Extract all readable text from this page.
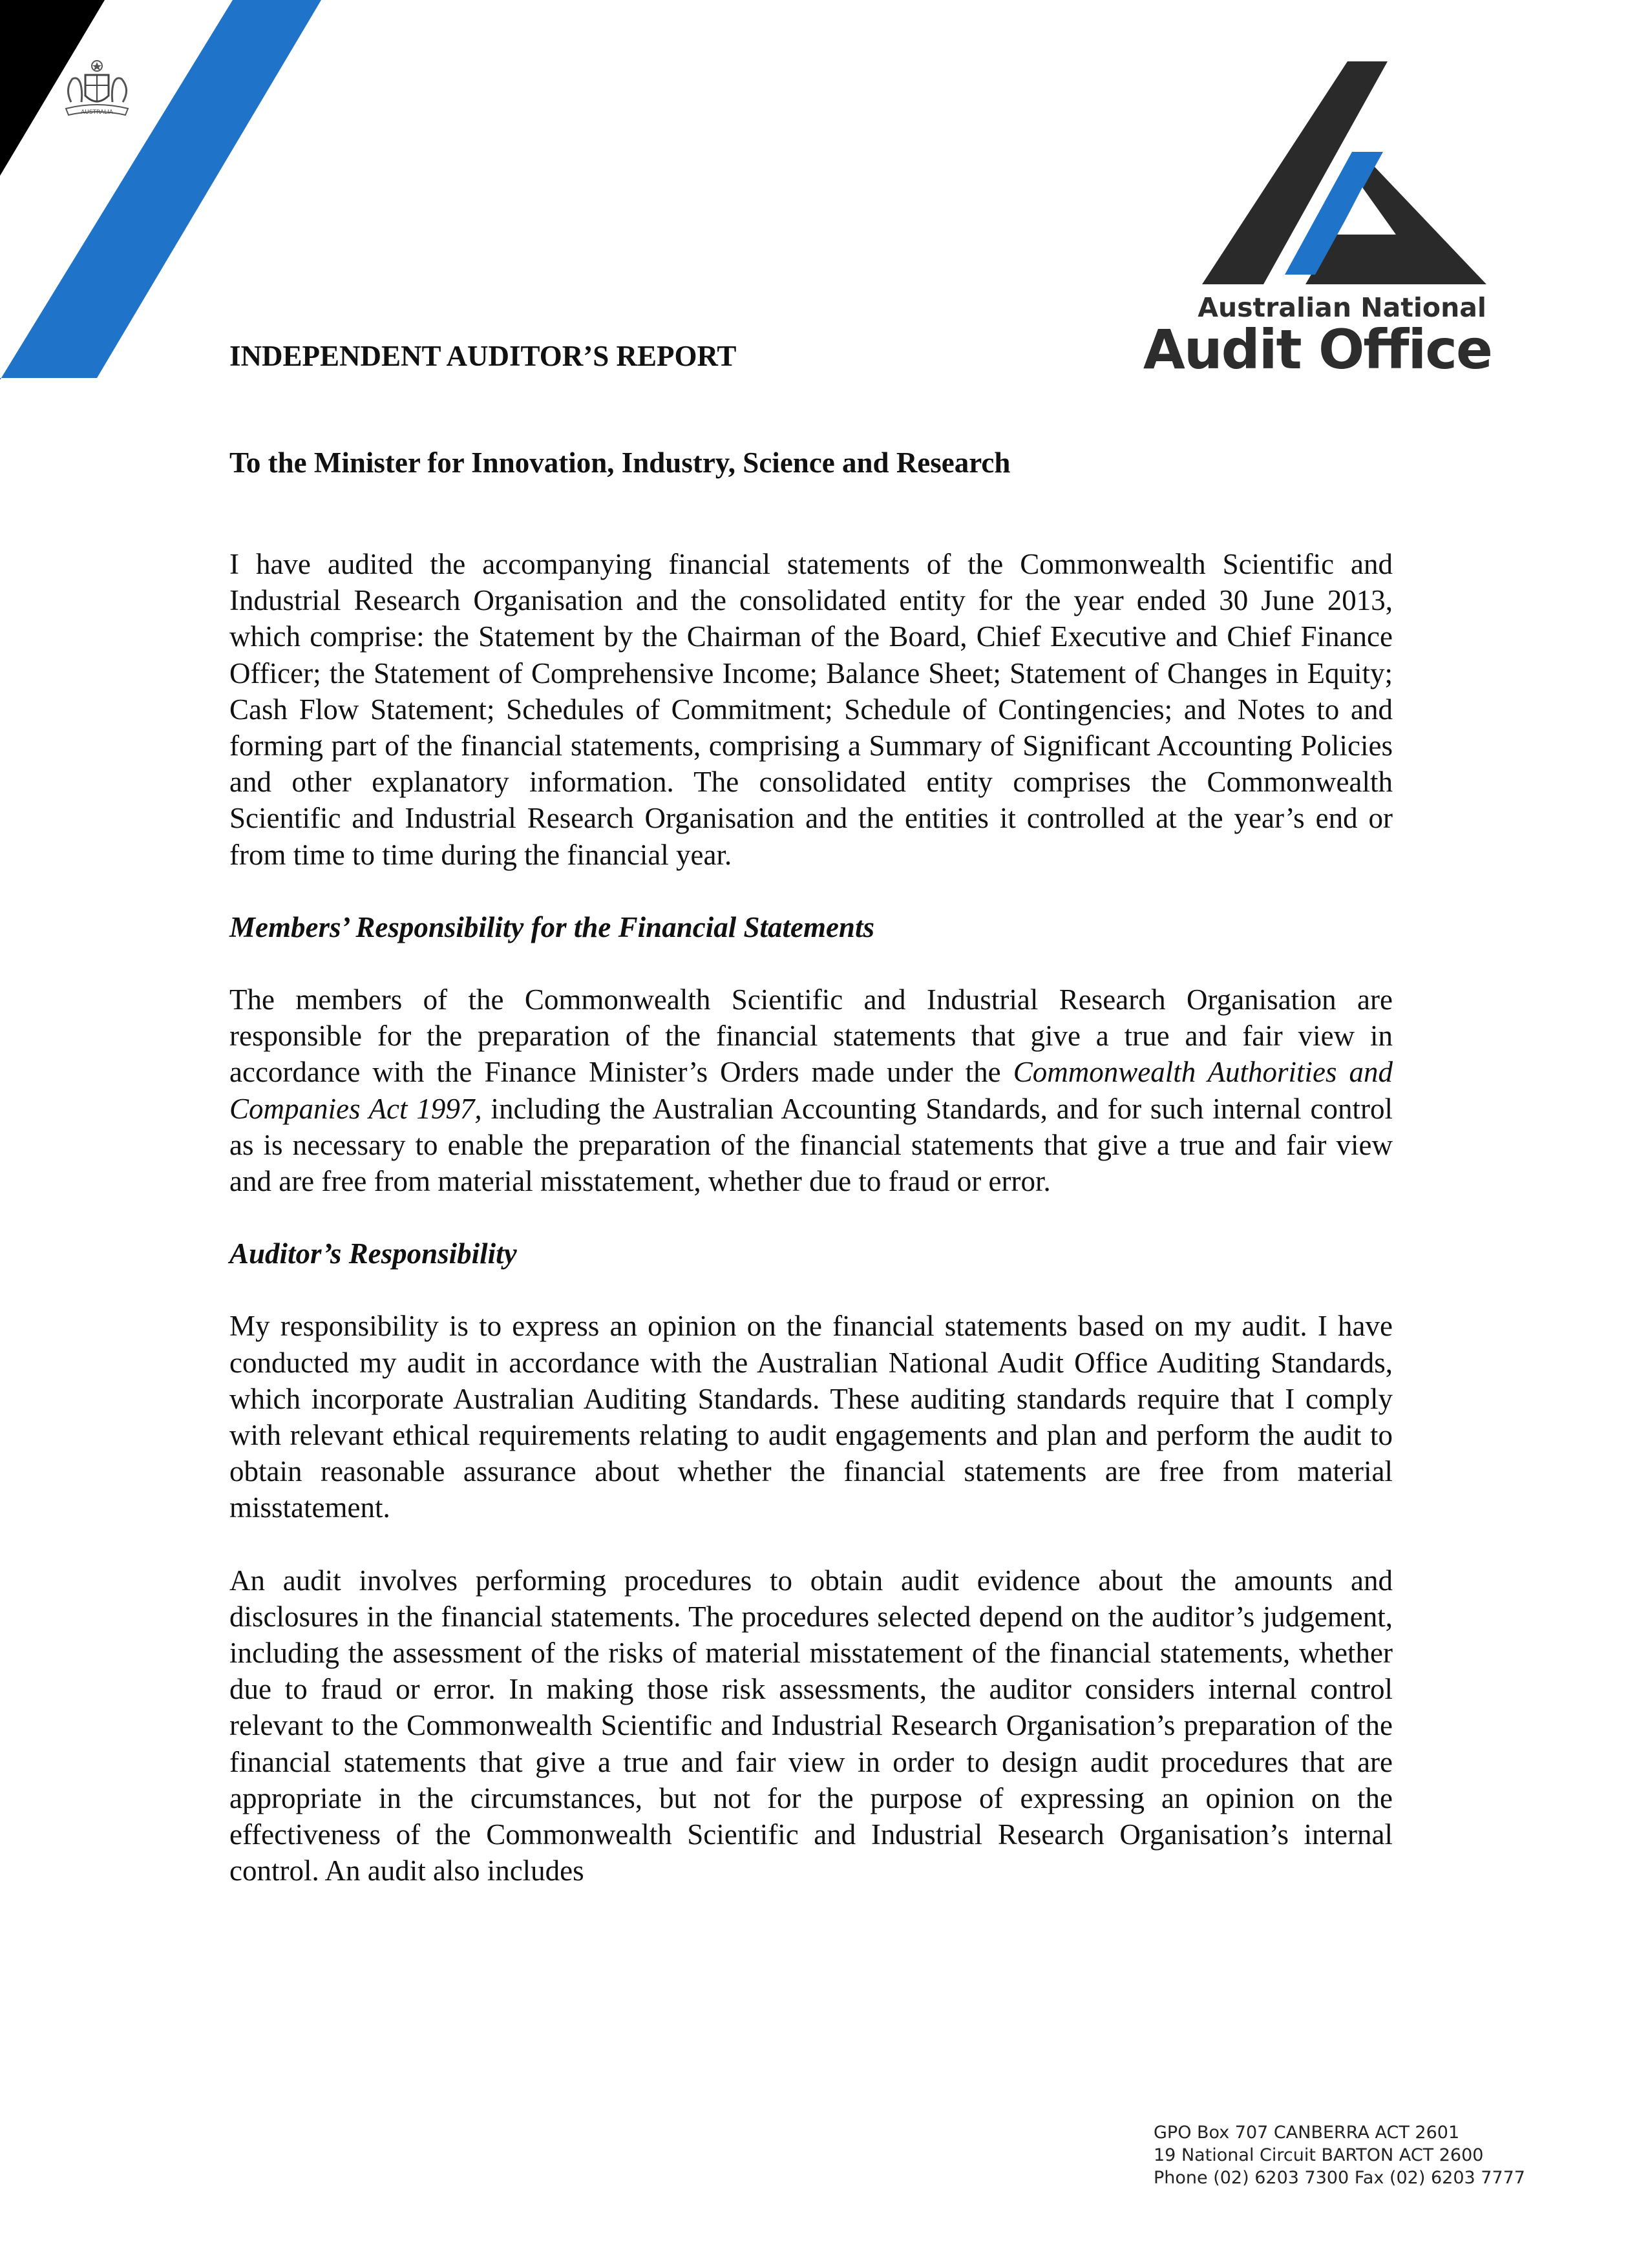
AUSTRALIA
Australian National
Audit Office
INDEPENDENT AUDITOR’S REPORT
To the Minister for Innovation, Industry, Science and Research

I have audited the accompanying financial statements of the Commonwealth Scientific and Industrial Research Organisation and the consolidated entity for the year ended 30 June 2013, which comprise: the Statement by the Chairman of the Board, Chief Executive and Chief Finance Officer; the Statement of Comprehensive Income; Balance Sheet; Statement of Changes in Equity; Cash Flow Statement; Schedules of Commitment; Schedule of Contingencies; and Notes to and forming part of the financial statements, comprising a Summary of Significant Accounting Policies and other explanatory information. The consolidated entity comprises the Commonwealth Scientific and Industrial Research Organisation and the entities it controlled at the year’s end or from time to time during the financial year.

Members’ Responsibility for the Financial Statements

The members of the Commonwealth Scientific and Industrial Research Organisation are responsible for the preparation of the financial statements that give a true and fair view in accordance with the Finance Minister’s Orders made under the Commonwealth Authorities and Companies Act 1997, including the Australian Accounting Standards, and for such internal control as is necessary to enable the preparation of the financial statements that give a true and fair view and are free from material misstatement, whether due to fraud or error.

Auditor’s Responsibility

My responsibility is to express an opinion on the financial statements based on my audit. I have conducted my audit in accordance with the Australian National Audit Office Auditing Standards, which incorporate Australian Auditing Standards. These auditing standards require that I comply with relevant ethical requirements relating to audit engagements and plan and perform the audit to obtain reasonable assurance about whether the financial statements are free from material misstatement.

An audit involves performing procedures to obtain audit evidence about the amounts and disclosures in the financial statements. The procedures selected depend on the auditor’s judgement, including the assessment of the risks of material misstatement of the financial statements, whether due to fraud or error. In making those risk assessments, the auditor considers internal control relevant to the Commonwealth Scientific and Industrial Research Organisation’s preparation of the financial statements that give a true and fair view in order to design audit procedures that are appropriate in the circumstances, but not for the purpose of expressing an opinion on the effectiveness of the Commonwealth Scientific and Industrial Research Organisation’s internal control. An audit also includes

GPO Box 707 CANBERRA ACT 2601
19 National Circuit BARTON ACT 2600
Phone (02) 6203 7300 Fax (02) 6203 7777
